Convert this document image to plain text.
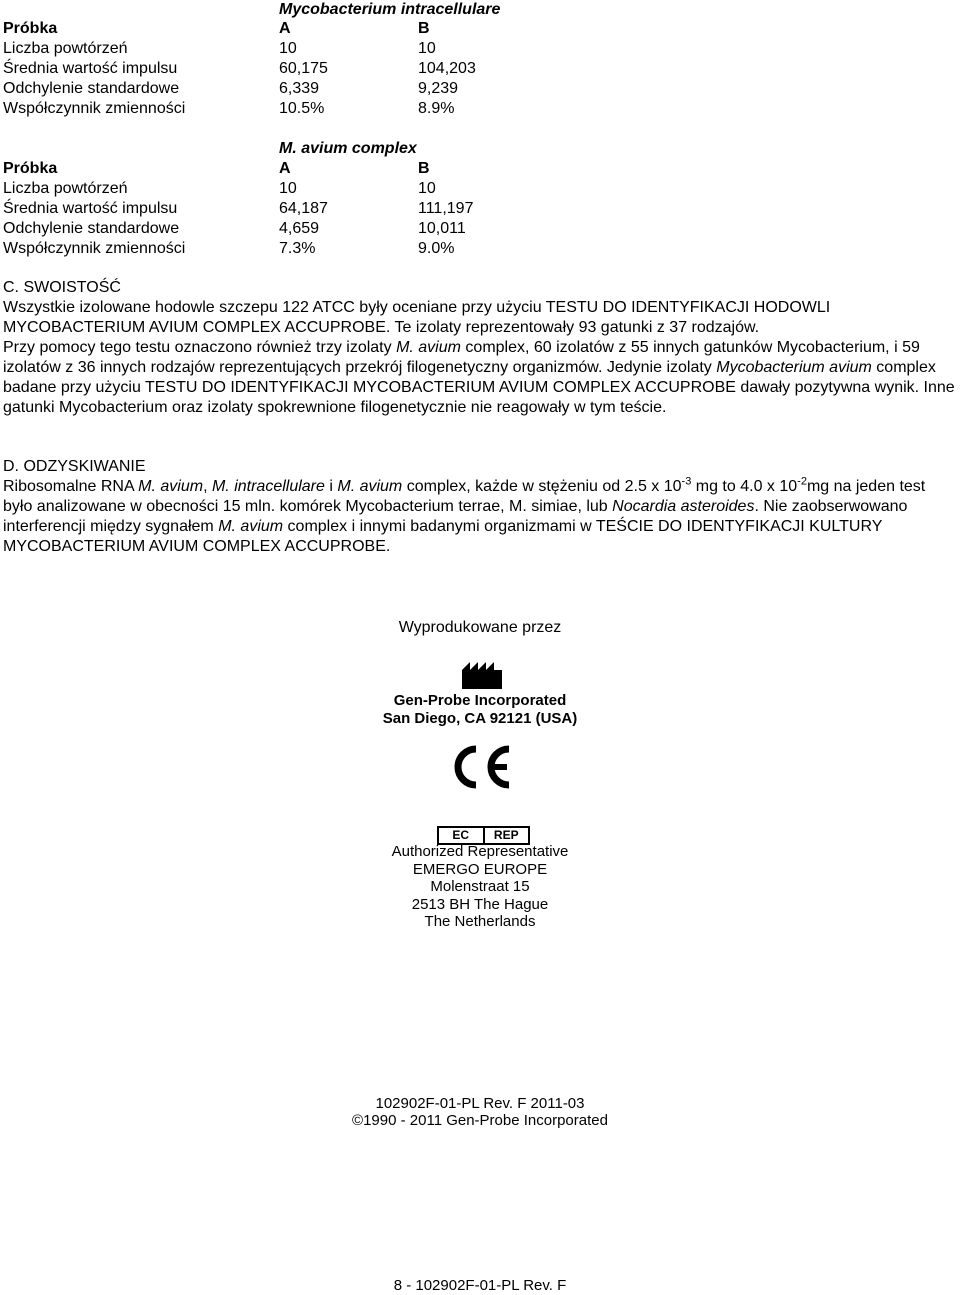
Mycobacterium intracellulare
Próbka	A	B
Liczba powtórzeń	10	10
Średnia wartość impulsu	60,175	104,203
Odchylenie standardowe	6,339	9,239
Współczynnik zmienności	10.5%	8.9%
M. avium complex
Próbka	A	B
Liczba powtórzeń	10	10
Średnia wartość impulsu	64,187	111,197
Odchylenie standardowe	4,659	10,011
Współczynnik zmienności	7.3%	9.0%
C. SWOISTOŚĆ
Wszystkie izolowane hodowle szczepu 122 ATCC były oceniane przy użyciu TESTU DO IDENTYFIKACJI HODOWLI MYCOBACTERIUM AVIUM COMPLEX ACCUPROBE. Te izolaty reprezentowały 93 gatunki z 37 rodzajów.
Przy pomocy tego testu oznaczono również trzy izolaty M. avium complex, 60 izolatów z 55 innych gatunków Mycobacterium, i 59 izolatów z 36 innych rodzajów reprezentujących przekrój filogenetyczny organizmów. Jedynie izolaty Mycobacterium avium complex badane przy użyciu TESTU DO IDENTYFIKACJI MYCOBACTERIUM AVIUM COMPLEX ACCUPROBE dawały pozytywna wynik. Inne gatunki Mycobacterium oraz izolaty spokrewnione filogenetycznie nie reagowały w tym teście.
D. ODZYSKIWANIE
Ribosomalne RNA M. avium, M. intracellulare i M. avium complex, każde w stężeniu od 2.5 x $10^{-3}$ mg to 4.0 x $10^{-2}mg$ na jeden test było analizowane w obecności 15 mln. komórek Mycobacterium terrae, M. simiae, lub Nocardia asteroides. Nie zaobserwowano interferencji między sygnałem M. avium complex i innymi badanymi organizmami w TEŚCIE DO IDENTYFIKACJI KULTURY MYCOBACTERIUM AVIUM COMPLEX ACCUPROBE.
Wyprodukowane przez
Gen-Probe Incorporated
San Diego, CA 92121 (USA)
EC	REP
Authorized Representative
EMERGO EUROPE
Molenstraat 15
2513 BH The Hague
The Netherlands
102902F-01-PL Rev. F 2011-03
©1990 - 2011 Gen-Probe Incorporated
8 - 102902F-01-PL Rev. F
